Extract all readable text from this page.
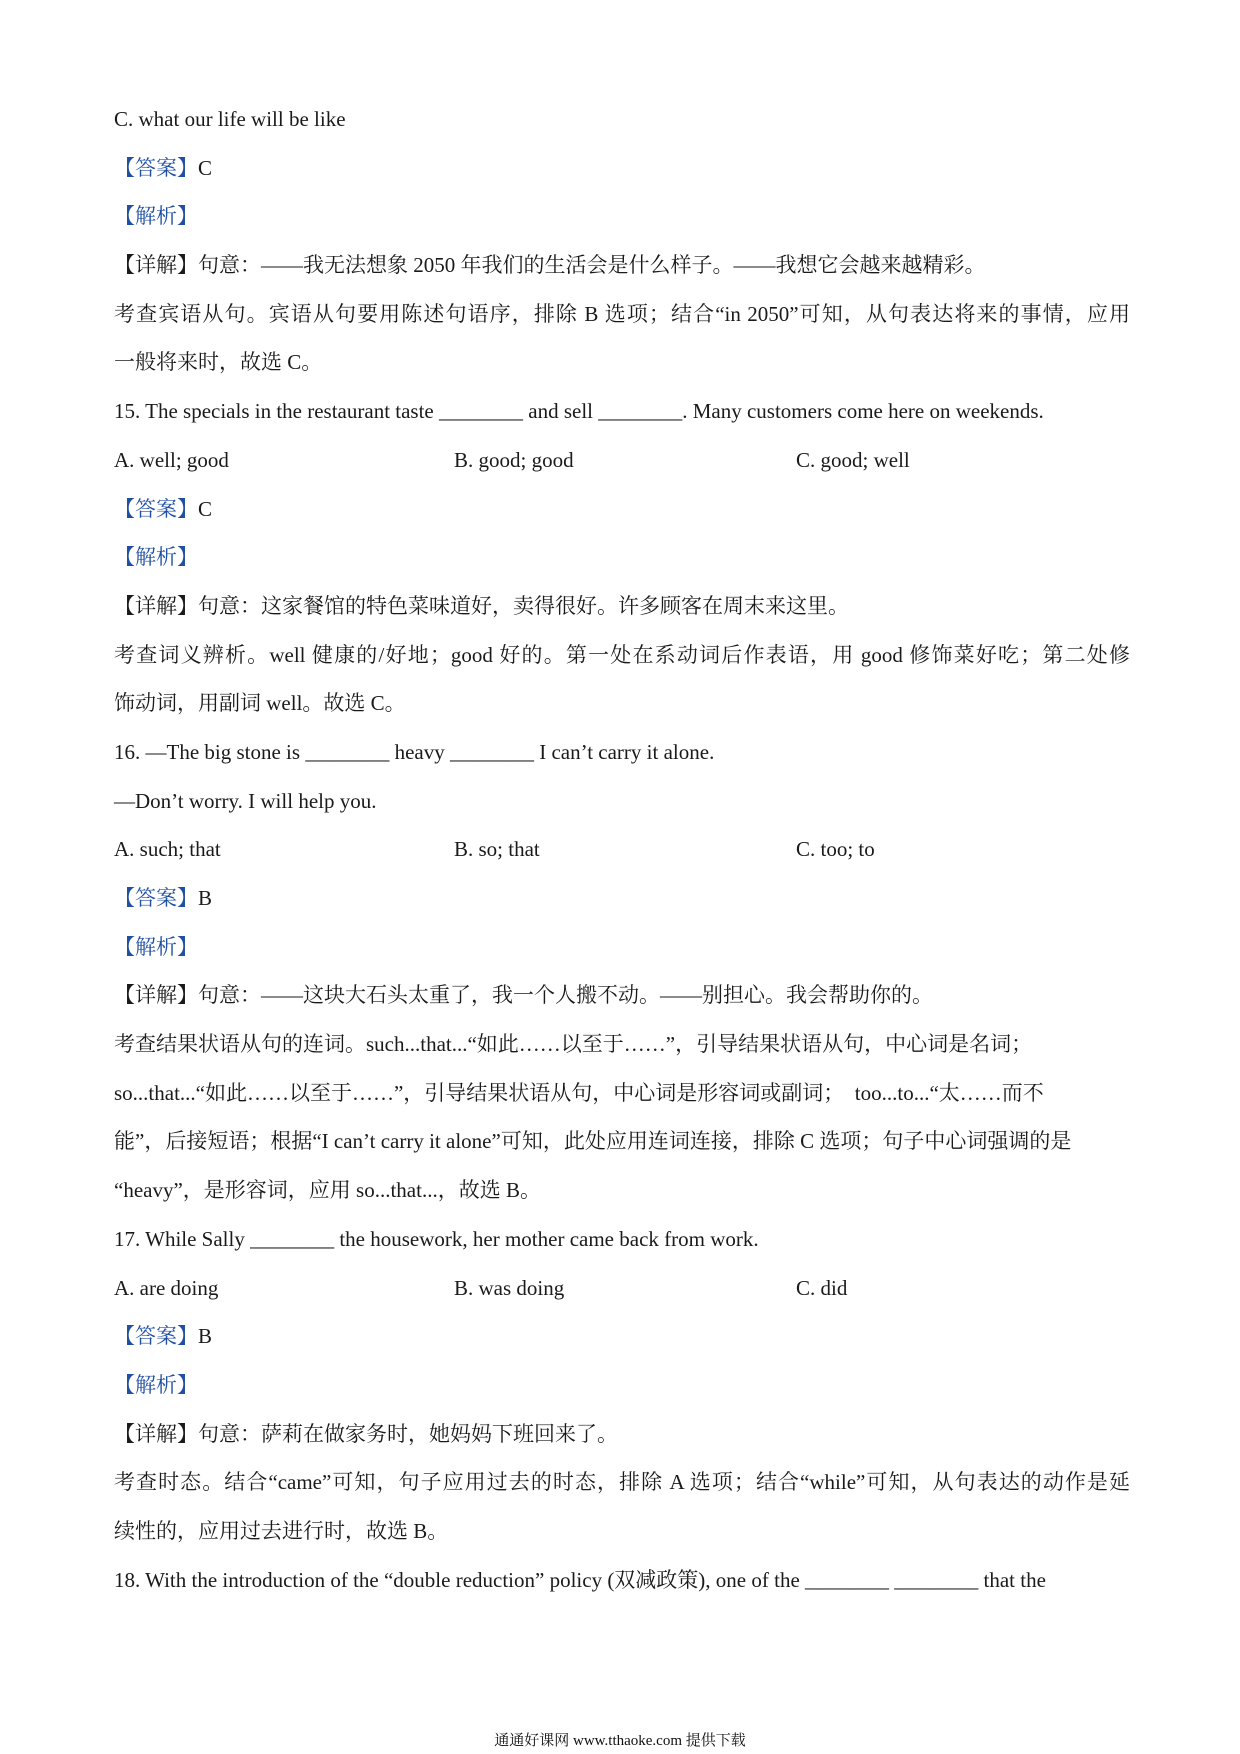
C. what our life will be like
【答案】C
【解析】
【详解】句意：——我无法想象 2050 年我们的生活会是什么样子。——我想它会越来越精彩。
考查宾语从句。宾语从句要用陈述句语序，排除 B 选项；结合“in 2050”可知，从句表达将来的事情，应用
一般将来时，故选 C。
15. The specials in the restaurant taste ________ and sell ________. Many customers come here on weekends.
A. well; good	B. good; good	C. good; well
【答案】C
【解析】
【详解】句意：这家餐馆的特色菜味道好，卖得很好。许多顾客在周末来这里。
考查词义辨析。well 健康的/好地；good 好的。第一处在系动词后作表语，用 good 修饰菜好吃；第二处修
饰动词，用副词 well。故选 C。
16. —The big stone is ________ heavy ________ I can’t carry it alone.
—Don’t worry. I will help you.
A. such; that	B. so; that	C. too; to
【答案】B
【解析】
【详解】句意：——这块大石头太重了，我一个人搬不动。——别担心。我会帮助你的。
考查结果状语从句的连词。such...that...“如此……以至于……”，引导结果状语从句，中心词是名词；
so...that...“如此……以至于……”，引导结果状语从句，中心词是形容词或副词；  too...to...“太……而不
能”，后接短语；根据“I can’t carry it alone”可知，此处应用连词连接，排除 C 选项；句子中心词强调的是
“heavy”，是形容词，应用 so...that...，故选 B。
17. While Sally ________ the housework, her mother came back from work.
A. are doing	B. was doing	C. did
【答案】B
【解析】
【详解】句意：萨莉在做家务时，她妈妈下班回来了。
考查时态。结合“came”可知，句子应用过去的时态，排除 A 选项；结合“while”可知，从句表达的动作是延
续性的，应用过去进行时，故选 B。
18. With the introduction of the “double reduction” policy (双减政策), one of the ________ ________ that the
通通好课网 www.tthaoke.com 提供下载
